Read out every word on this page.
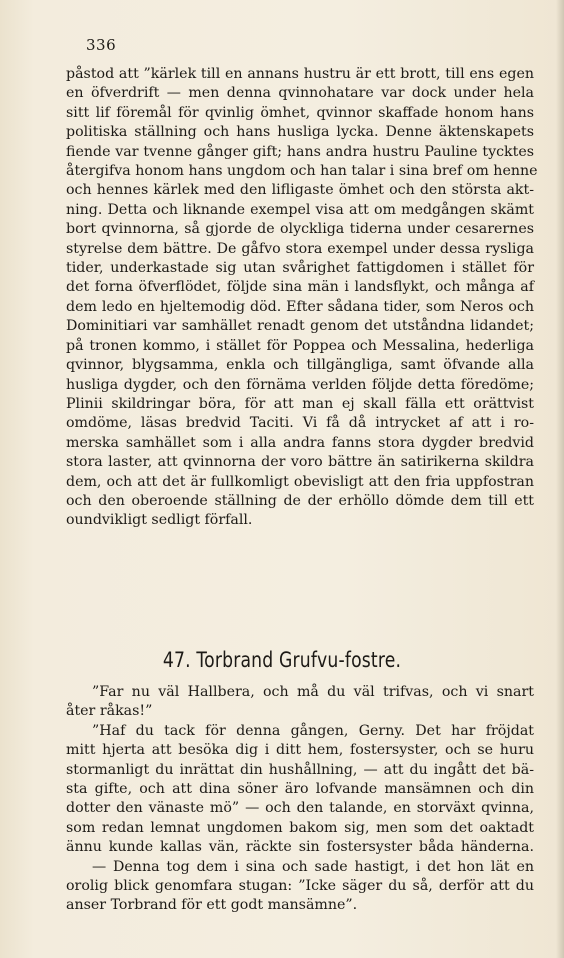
336
påstod att ”kärlek till en annans hustru är ett brott, till ens egen
en öfverdrift — men denna qvinnohatare var dock under hela
sitt lif föremål för qvinlig ömhet, qvinnor skaffade honom hans
politiska ställning och hans husliga lycka. Denne äktenskapets
fiende var tvenne gånger gift; hans andra hustru Pauline tycktes
återgifva honom hans ungdom och han talar i sina bref om henne
och hennes kärlek med den lifligaste ömhet och den största akt-
ning. Detta och liknande exempel visa att om medgången skämt
bort qvinnorna, så gjorde de olyckliga tiderna under cesarernes
styrelse dem bättre. De gåfvo stora exempel under dessa rysliga
tider, underkastade sig utan svårighet fattigdomen i stället för
det forna öfverflödet, följde sina män i landsflykt, och många af
dem ledo en hjeltemodig död. Efter sådana tider, som Neros och
Dominitiari var samhället renadt genom det utståndna lidandet;
på tronen kommo, i stället för Poppea och Messalina, hederliga
qvinnor, blygsamma, enkla och tillgängliga, samt öfvande alla
husliga dygder, och den förnäma verlden följde detta föredöme;
Plinii skildringar böra, för att man ej skall fälla ett orättvist
omdöme, läsas bredvid Taciti. Vi få då intrycket af att i ro-
merska samhället som i alla andra fanns stora dygder bredvid
stora laster, att qvinnorna der voro bättre än satirikerna skildra
dem, och att det är fullkomligt obevisligt att den fria uppfostran
och den oberoende ställning de der erhöllo dömde dem till ett
oundvikligt sedligt förfall.
47. Torbrand Grufvu-fostre.
”Far nu väl Hallbera, och må du väl trifvas, och vi snart
åter råkas!”
”Haf du tack för denna gången, Gerny. Det har fröjdat
mitt hjerta att besöka dig i ditt hem, fostersyster, och se huru
stormanligt du inrättat din hushållning, — att du ingått det bä-
sta gifte, och att dina söner äro lofvande mansämnen och din
dotter den vänaste mö” — och den talande, en storväxt qvinna,
som redan lemnat ungdomen bakom sig, men som det oaktadt
ännu kunde kallas vän, räckte sin fostersyster båda händerna.
— Denna tog dem i sina och sade hastigt, i det hon lät en
orolig blick genomfara stugan: ”Icke säger du så, derför att du
anser Torbrand för ett godt mansämne”.
